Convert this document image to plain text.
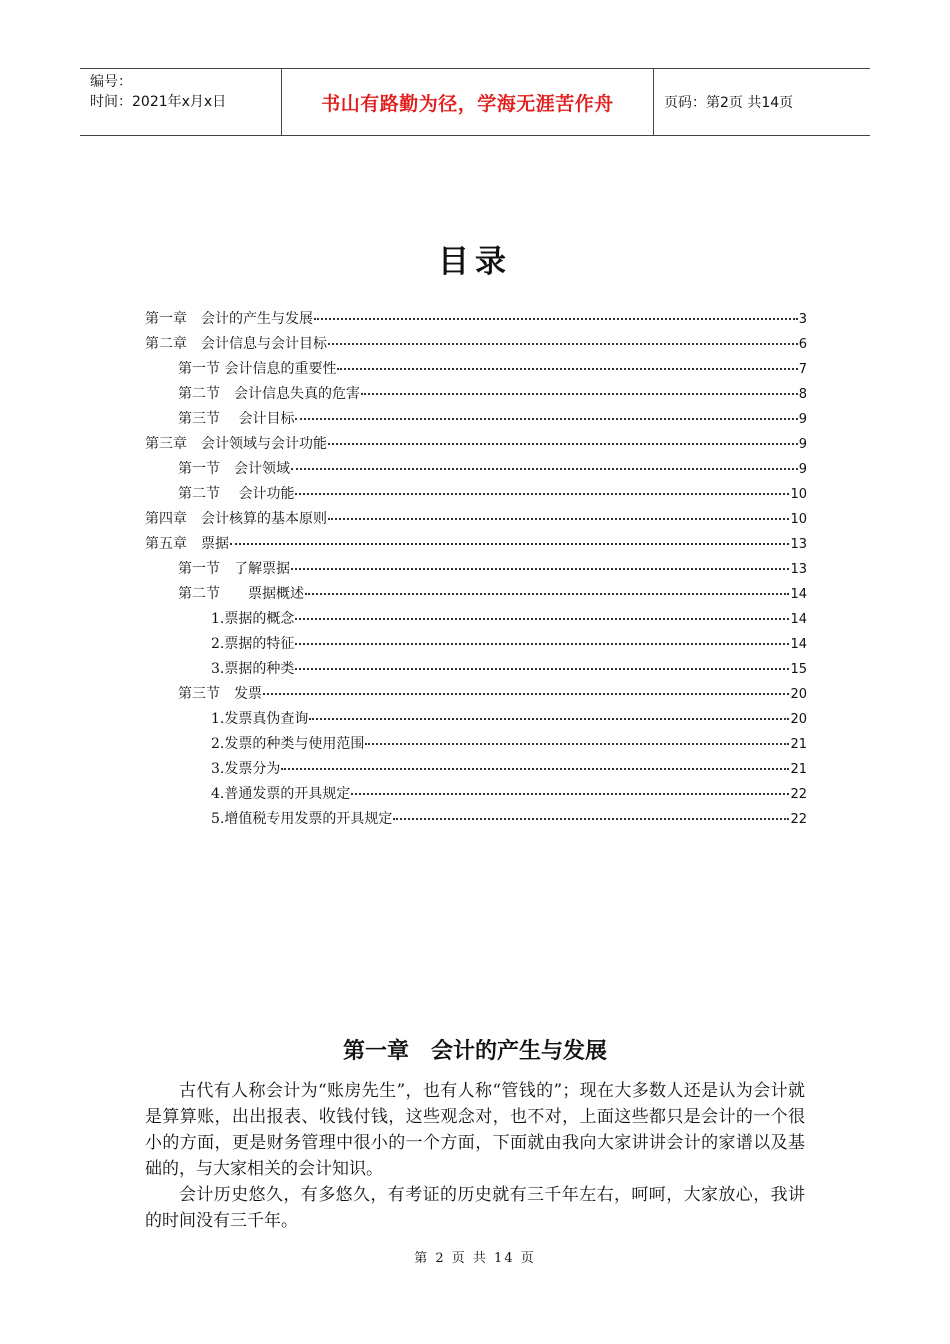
编号：
时间：2021年x月x日	书山有路勤为径，学海无涯苦作舟	页码：第2页 共14页
目录
第一章　会计的产生与发展	3
第二章　会计信息与会计目标	6
第一节 会计信息的重要性	7
第二节　会计信息失真的危害	8
第三节　 会计目标	9
第三章　会计领域与会计功能	9
第一节　会计领域	9
第二节　 会计功能	10
第四章　会计核算的基本原则	10
第五章　票据	13
第一节　了解票据	13
第二节　　票据概述	14
1.票据的概念	14
2.票据的特征	14
3.票据的种类	15
第三节　发票	20
1.发票真伪查询	20
2.发票的种类与使用范围	21
3.发票分为	21
4.普通发票的开具规定	22
5.增值税专用发票的开具规定	22
第一章　会计的产生与发展

古代有人称会计为“账房先生”，也有人称“管钱的”；现在大多数人还是认为会计就是算算账，出出报表、收钱付钱，这些观念对，也不对，上面这些都只是会计的一个很小的方面，更是财务管理中很小的一个方面，下面就由我向大家讲讲会计的家谱以及基础的，与大家相关的会计知识。

会计历史悠久，有多悠久，有考证的历史就有三千年左右，呵呵，大家放心，我讲的时间没有三千年。

第 2 页 共 14 页
